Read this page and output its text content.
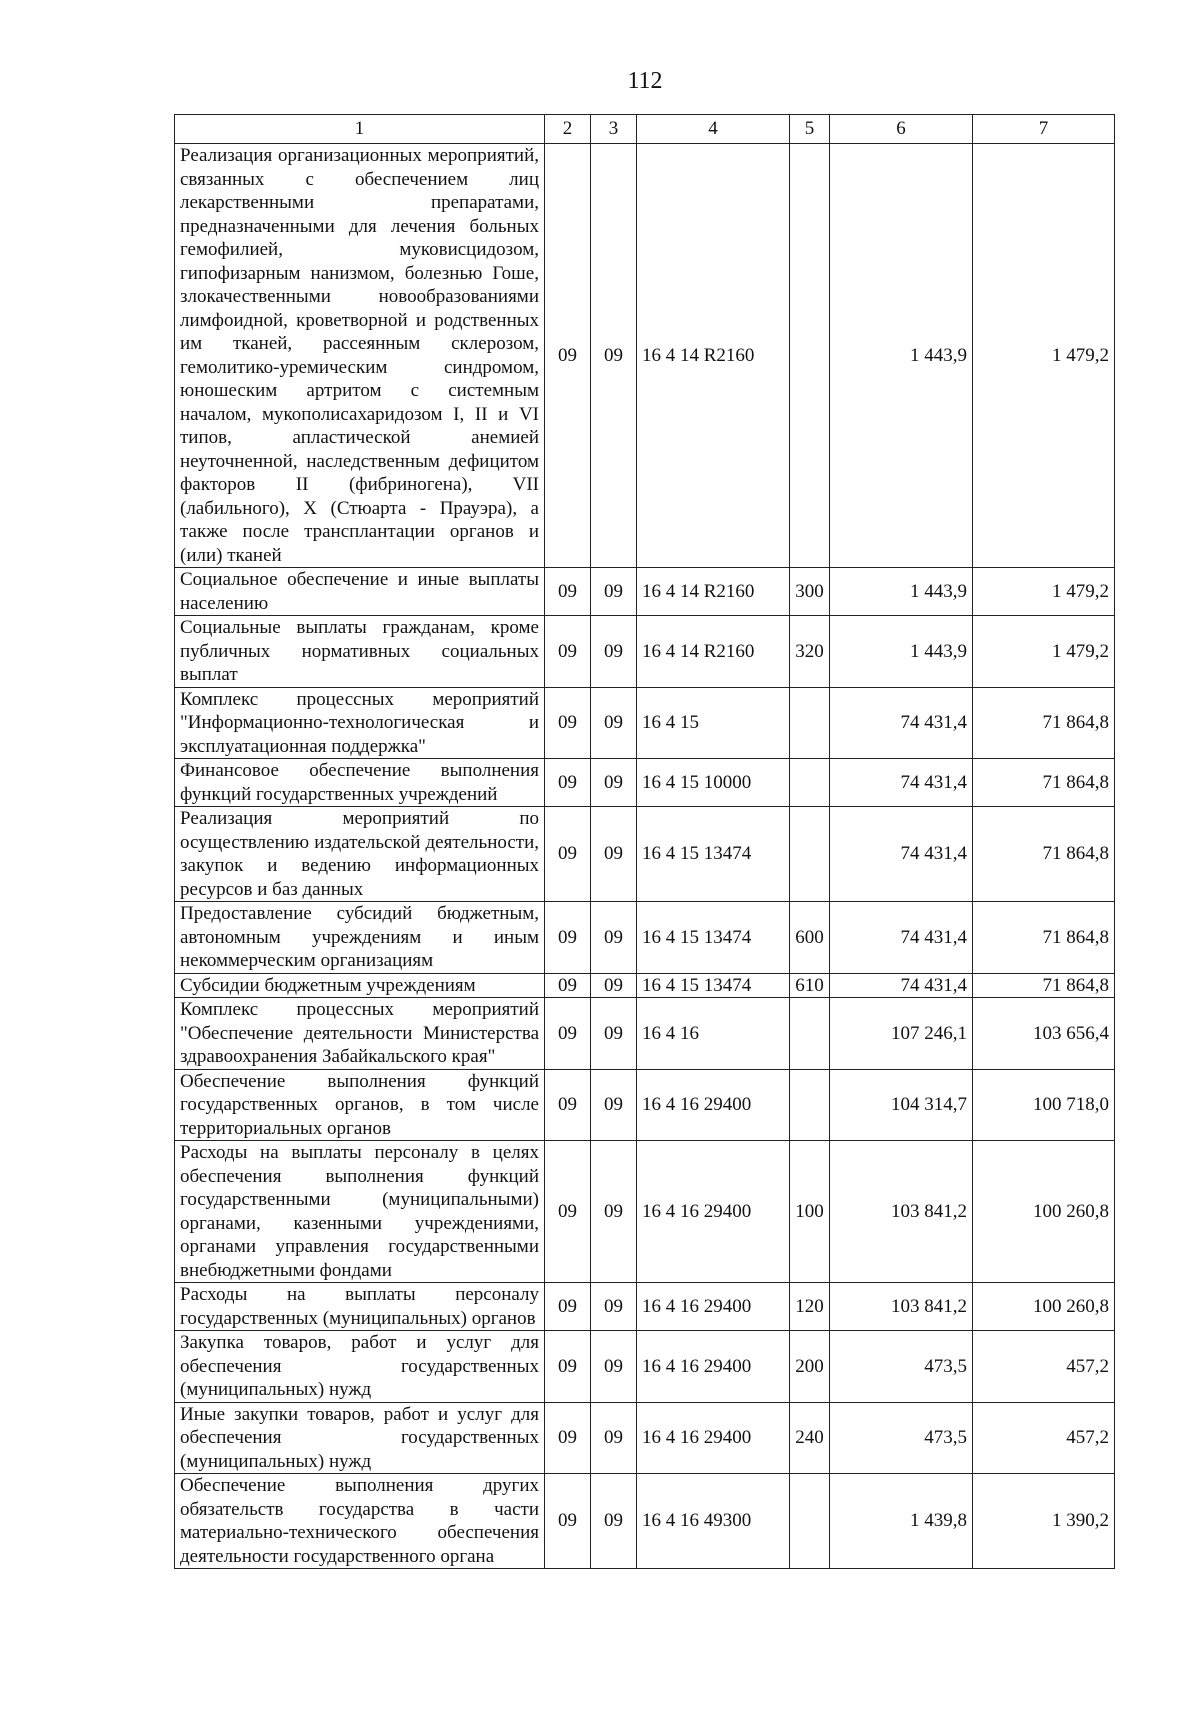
112
1	2	3	4	5	6	7
Реализация организационных мероприятий, связанных с обеспечением лиц лекарственными препаратами, предназначенными для лечения больных гемофилией, муковисцидозом, гипофизарным нанизмом, болезнью Гоше, злокачественными новообразованиями лимфоидной, кроветворной и родственных им тканей, рассеянным склерозом, гемолитико-уремическим синдромом, юношеским артритом с системным началом, мукополисахаридозом I, II и VI типов, апластической анемией неуточненной, наследственным дефицитом факторов II (фибриногена), VII (лабильного), X (Стюарта - Прауэра), а также после трансплантации органов и (или) тканей	09	09	16 4 14 R2160		1 443,9	1 479,2
Социальное обеспечение и иные выплаты населению	09	09	16 4 14 R2160	300	1 443,9	1 479,2
Социальные выплаты гражданам, кроме публичных нормативных социальных выплат	09	09	16 4 14 R2160	320	1 443,9	1 479,2
Комплекс процессных мероприятий "Информационно-технологическая и эксплуатационная поддержка"	09	09	16 4 15		74 431,4	71 864,8
Финансовое обеспечение выполнения функций государственных учреждений	09	09	16 4 15 10000		74 431,4	71 864,8
Реализация мероприятий по осуществлению издательской деятельности, закупок и ведению информационных ресурсов и баз данных	09	09	16 4 15 13474		74 431,4	71 864,8
Предоставление субсидий бюджетным, автономным учреждениям и иным некоммерческим организациям	09	09	16 4 15 13474	600	74 431,4	71 864,8
Субсидии бюджетным учреждениям	09	09	16 4 15 13474	610	74 431,4	71 864,8
Комплекс процессных мероприятий "Обеспечение деятельности Министерства здравоохранения Забайкальского края"	09	09	16 4 16		107 246,1	103 656,4
Обеспечение выполнения функций государственных органов, в том числе территориальных органов	09	09	16 4 16 29400		104 314,7	100 718,0
Расходы на выплаты персоналу в целях обеспечения выполнения функций государственными (муниципальными) органами, казенными учреждениями, органами управления государственными внебюджетными фондами	09	09	16 4 16 29400	100	103 841,2	100 260,8
Расходы на выплаты персоналу государственных (муниципальных) органов	09	09	16 4 16 29400	120	103 841,2	100 260,8
Закупка товаров, работ и услуг для обеспечения государственных (муниципальных) нужд	09	09	16 4 16 29400	200	473,5	457,2
Иные закупки товаров, работ и услуг для обеспечения государственных (муниципальных) нужд	09	09	16 4 16 29400	240	473,5	457,2
Обеспечение выполнения других обязательств государства в части материально-технического обеспечения деятельности государственного органа	09	09	16 4 16 49300		1 439,8	1 390,2
